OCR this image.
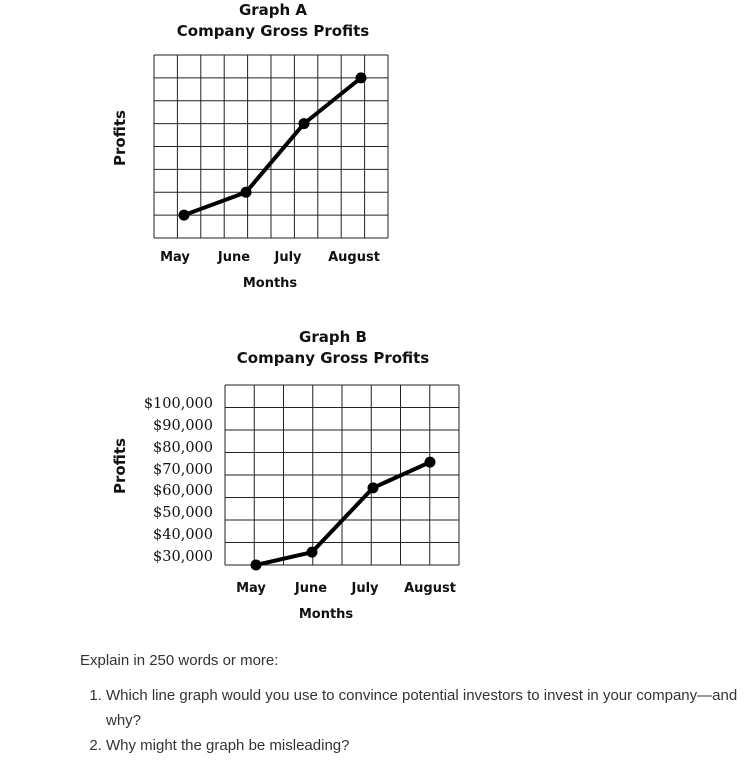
Graph A
Company Gross Profits
Profits
May June July August
Months
Graph B
Company Gross Profits
Profits
$100,000
$90,000
$80,000
$70,000
$60,000
$50,000
$40,000
$30,000
May June July August
Months
Explain in 250 words or more:
1. Which line graph would you use to convince potential investors to invest in your company—and why?
2. Why might the graph be misleading?
